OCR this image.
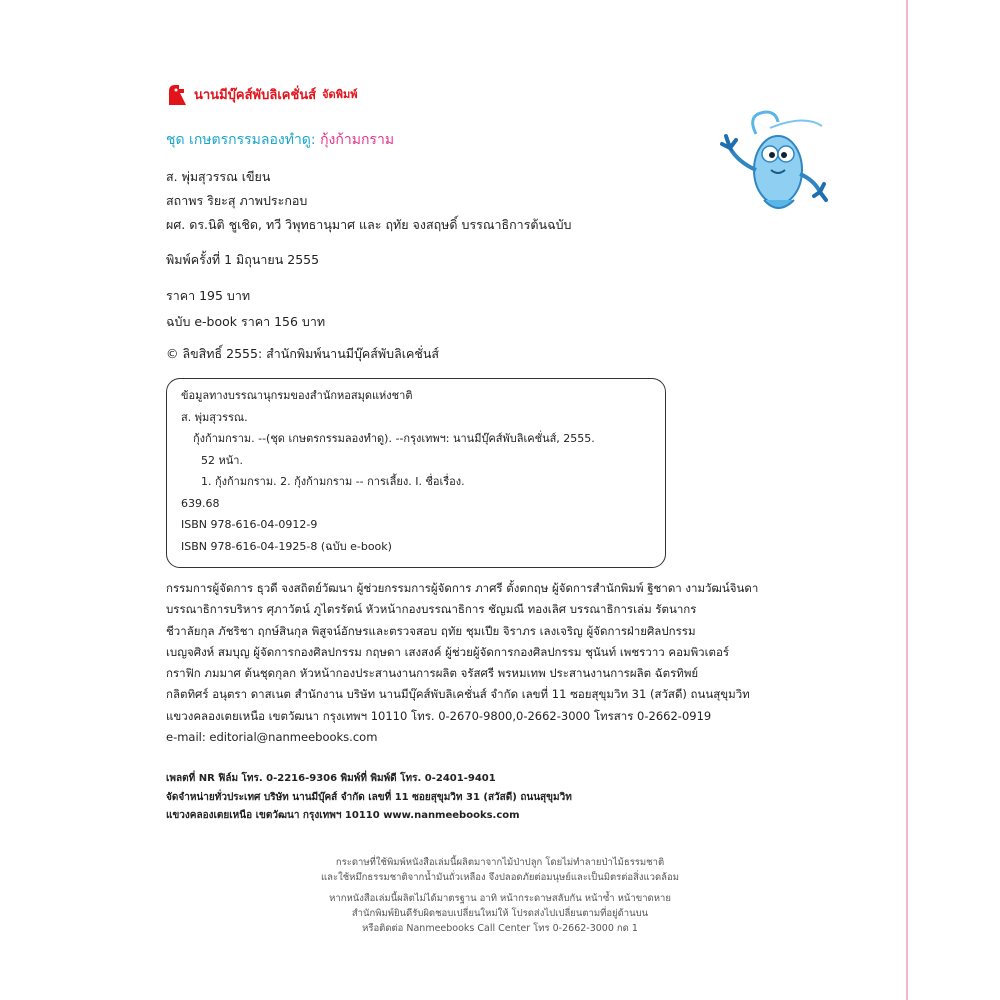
นานมีบุ๊คส์พับลิเคชั่นส์ จัดพิมพ์
ชุด เกษตรกรรมลองทำดู: กุ้งก้ามกราม
ส. พุ่มสุวรรณ เขียน
สถาพร ริยะสุ ภาพประกอบ
ผศ. ดร.นิติ ชูเชิด, ทวี วิพุทธานุมาศ และ ฤทัย จงสฤษดิ์ บรรณาธิการต้นฉบับ
พิมพ์ครั้งที่ 1 มิถุนายน 2555
ราคา 195 บาท
ฉบับ e-book ราคา 156 บาท
© ลิขสิทธิ์ 2555: สำนักพิมพ์นานมีบุ๊คส์พับลิเคชั่นส์
ข้อมูลทางบรรณานุกรมของสำนักหอสมุดแห่งชาติ
ส. พุ่มสุวรรณ.
กุ้งก้ามกราม. --(ชุด เกษตรกรรมลองทำดู). --กรุงเทพฯ: นานมีบุ๊คส์พับลิเคชั่นส์, 2555.
52 หน้า.
1. กุ้งก้ามกราม. 2. กุ้งก้ามกราม -- การเลี้ยง. I. ชื่อเรื่อง.
639.68
ISBN 978-616-04-0912-9
ISBN 978-616-04-1925-8 (ฉบับ e-book)
กรรมการผู้จัดการ ธุวดี จงสถิตย์วัฒนา ผู้ช่วยกรรมการผู้จัดการ ภาศรี ตั้งตกฤษ ผู้จัดการสำนักพิมพ์ ฐิชาดา งามวัฒน์จินดา
บรรณาธิการบริหาร ศุภาวัตน์ ภูไตรรัตน์ หัวหน้ากองบรรณาธิการ ชัญมณี ทองเลิศ บรรณาธิการเล่ม รัตนากร
ชีวาลัยกุล ภัชริชา ฤกษ์สินกุล พิสูจน์อักษรและตรวจสอบ ฤทัย ชุมเปีย จิราภร เลงเจริญ ผู้จัดการฝ่ายศิลปกรรม
เบญจศิงห์ สมบุญ ผู้จัดการกองศิลปกรรม กฤษดา เสงสงค์ ผู้ช่วยผู้จัดการกองศิลปกรรม ชุนันท์ เพชรวาว คอมพิวเตอร์
กราฟิก ภมมาศ ต้นชุดกุลก หัวหน้ากองประสานงานการผลิต จรัสศรี พรหมเทพ ประสานงานการผลิต ฉัตรทิพย์
กลิตทิศร์ อนุตรา ดาสเนต สำนักงาน บริษัท นานมีบุ๊คส์พับลิเคชั่นส์ จำกัด เลขที่ 11 ซอยสุขุมวิท 31 (สวัสดี) ถนนสุขุมวิท
แขวงคลองเตยเหนือ เขตวัฒนา กรุงเทพฯ 10110 โทร. 0-2670-9800,0-2662-3000 โทรสาร 0-2662-0919
e-mail: editorial@nanmeebooks.com
เพลตที่ NR ฟิล์ม โทร. 0-2216-9306 พิมพ์ที่ พิมพ์ดี โทร. 0-2401-9401
จัดจำหน่ายทั่วประเทศ บริษัท นานมีบุ๊คส์ จำกัด เลขที่ 11 ซอยสุขุมวิท 31 (สวัสดี) ถนนสุขุมวิท
แขวงคลองเตยเหนือ เขตวัฒนา กรุงเทพฯ 10110 www.nanmeebooks.com
กระดาษที่ใช้พิมพ์หนังสือเล่มนี้ผลิตมาจากไม้ป่าปลูก โดยไม่ทำลายป่าไม้ธรรมชาติ
และใช้หมึกธรรมชาติจากน้ำมันถั่วเหลือง จึงปลอดภัยต่อมนุษย์และเป็นมิตรต่อสิ่งแวดล้อม
หากหนังสือเล่มนี้ผลิตไม่ได้มาตรฐาน อาทิ หน้ากระดาษสลับกัน หน้าซ้ำ หน้าขาดหาย
สำนักพิมพ์ยินดีรับผิดชอบเปลี่ยนใหม่ให้ โปรดส่งไปเปลี่ยนตามที่อยู่ด้านบน
หรือติดต่อ Nanmeebooks Call Center โทร 0-2662-3000 กด 1
